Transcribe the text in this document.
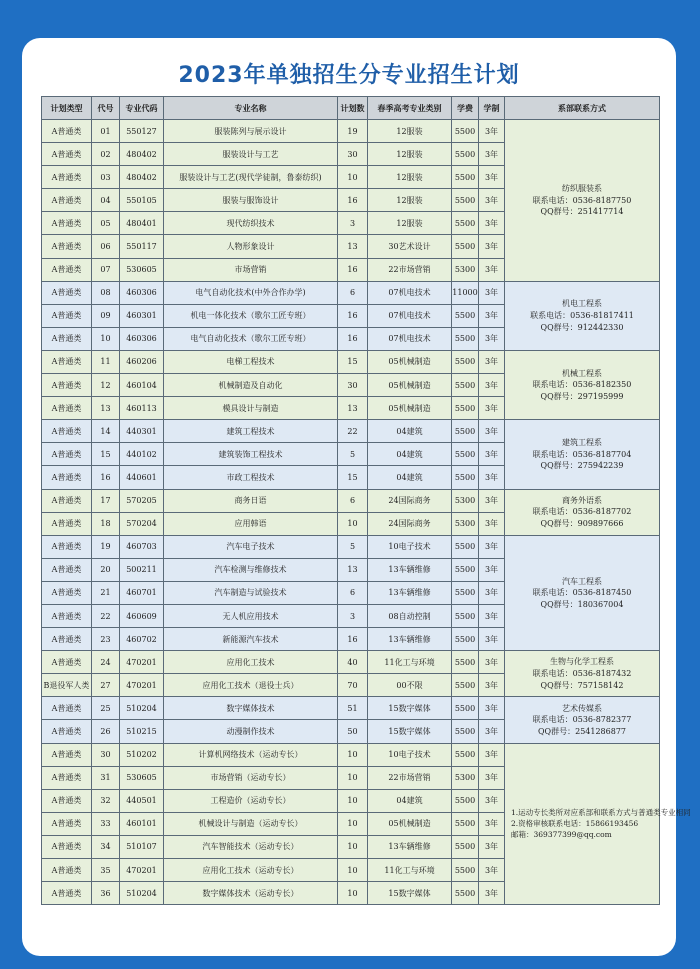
2023年单独招生分专业招生计划
计划类型	代号	专业代码	专业名称	计划数	春季高考专业类别	学费	学制	系部联系方式
A普通类	01	550127	服装陈列与展示设计	19	12服装	5500	3年	纺织服装系
联系电话：0536-8187750
QQ群号：251417714

A普通类	02	480402	服装设计与工艺	30	12服装	5500	3年	
A普通类	03	480402	服装设计与工艺(现代学徒制，鲁泰纺织)	10	12服装	5500	3年	
A普通类	04	550105	服装与服饰设计	16	12服装	5500	3年	
A普通类	05	480401	现代纺织技术	3	12服装	5500	3年	
A普通类	06	550117	人物形象设计	13	30艺术设计	5500	3年	
A普通类	07	530605	市场营销	16	22市场营销	5300	3年	
A普通类	08	460306	电气自动化技术(中外合作办学)	6	07机电技术	11000	3年	机电工程系
联系电话：0536-81817411
QQ群号：912442330

A普通类	09	460301	机电一体化技术（歌尔工匠专班）	16	07机电技术	5500	3年	
A普通类	10	460306	电气自动化技术（歌尔工匠专班）	16	07机电技术	5500	3年	
A普通类	11	460206	电梯工程技术	15	05机械制造	5500	3年	机械工程系
联系电话：0536-8182350
QQ群号：297195999

A普通类	12	460104	机械制造及自动化	30	05机械制造	5500	3年	
A普通类	13	460113	模具设计与制造	13	05机械制造	5500	3年	
A普通类	14	440301	建筑工程技术	22	04建筑	5500	3年	建筑工程系
联系电话：0536-8187704
QQ群号：275942239

A普通类	15	440102	建筑装饰工程技术	5	04建筑	5500	3年	
A普通类	16	440601	市政工程技术	15	04建筑	5500	3年	
A普通类	17	570205	商务日语	6	24国际商务	5300	3年	商务外语系
联系电话：0536-8187702
QQ群号：909897666

A普通类	18	570204	应用韩语	10	24国际商务	5300	3年	
A普通类	19	460703	汽车电子技术	5	10电子技术	5500	3年	汽车工程系
联系电话：0536-8187450
QQ群号：180367004

A普通类	20	500211	汽车检测与维修技术	13	13车辆维修	5500	3年	
A普通类	21	460701	汽车制造与试验技术	6	13车辆维修	5500	3年	
A普通类	22	460609	无人机应用技术	3	08自动控制	5500	3年	
A普通类	23	460702	新能源汽车技术	16	13车辆维修	5500	3年	
A普通类	24	470201	应用化工技术	40	11化工与环境	5500	3年	生物与化学工程系
联系电话：0536-8187432
QQ群号：757158142

B退役军人类	27	470201	应用化工技术（退役士兵）	70	00不限	5500	3年	
A普通类	25	510204	数字媒体技术	51	15数字媒体	5500	3年	艺术传媒系
联系电话：0536-8782377
QQ群号：2541286877

A普通类	26	510215	动漫制作技术	50	15数字媒体	5500	3年	
A普通类	30	510202	计算机网络技术（运动专长）	10	10电子技术	5500	3年	1.运动专长类所对应系部和联系方式与普通类专业相同
2.资格审核联系电话：15866193456
邮箱：369377399@qq.com

A普通类	31	530605	市场营销（运动专长）	10	22市场营销	5300	3年	
A普通类	32	440501	工程造价（运动专长）	10	04建筑	5500	3年	
A普通类	33	460101	机械设计与制造（运动专长）	10	05机械制造	5500	3年	
A普通类	34	510107	汽车智能技术（运动专长）	10	13车辆维修	5500	3年	
A普通类	35	470201	应用化工技术（运动专长）	10	11化工与环境	5500	3年	
A普通类	36	510204	数字媒体技术（运动专长）	10	15数字媒体	5500	3年	
